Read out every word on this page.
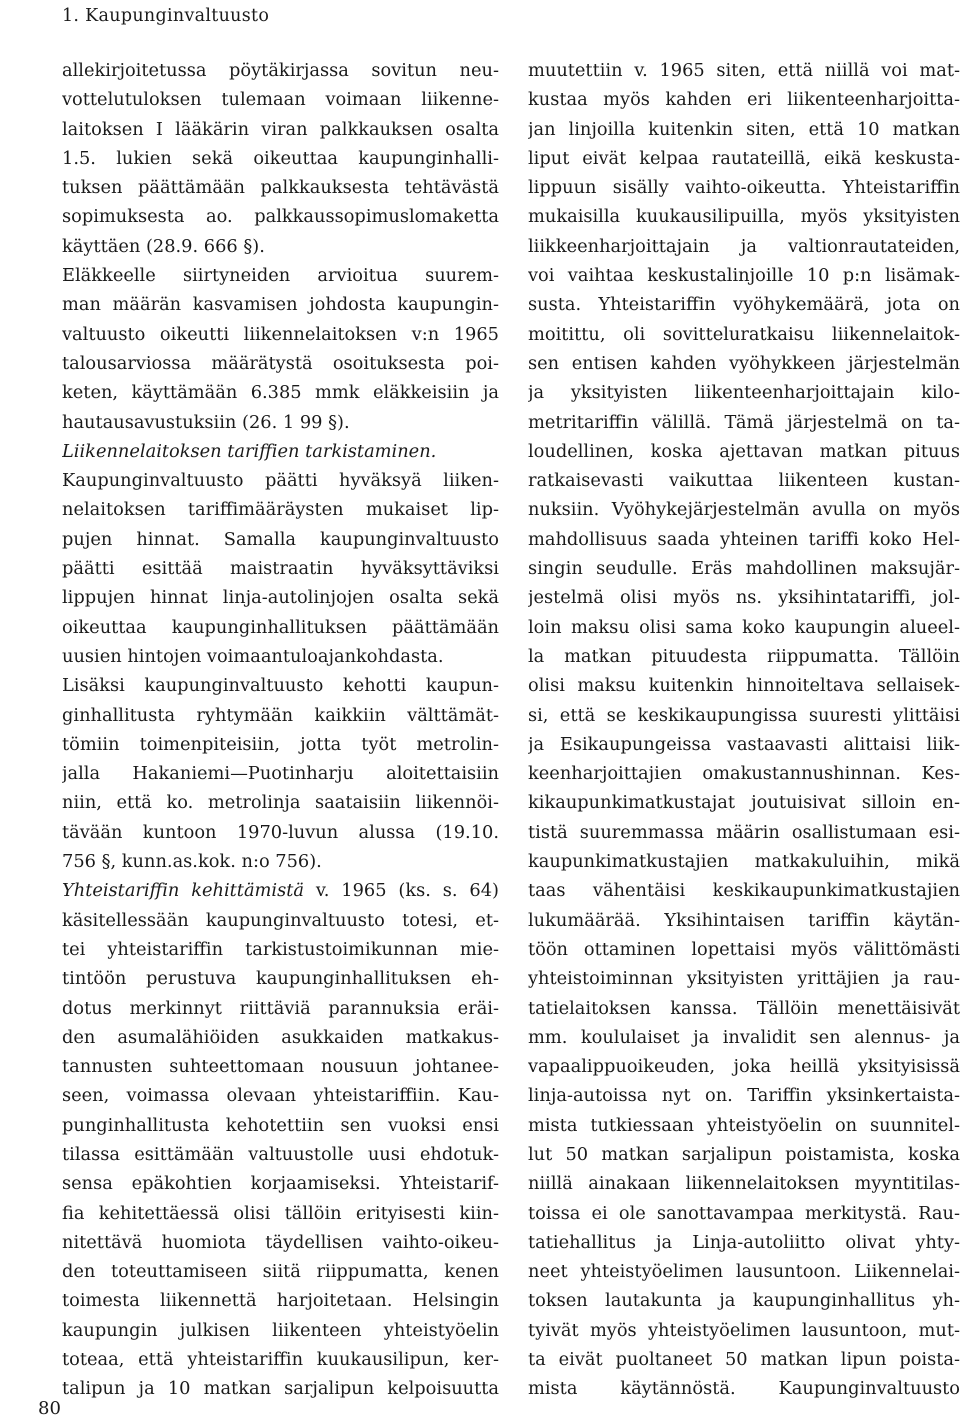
1. Kaupunginvaltuusto
allekirjoitetussa pöytäkirjassa sovitun neu-
vottelutuloksen tulemaan voimaan liikenne-
laitoksen I lääkärin viran palkkauksen osalta
1.5. lukien sekä oikeuttaa kaupunginhalli-
tuksen päättämään palkkauksesta tehtävästä
sopimuksesta ao. palkkaussopimuslomaketta
käyttäen (28.9. 666 §).
Eläkkeelle siirtyneiden arvioitua suurem-
man määrän kasvamisen johdosta kaupungin-
valtuusto oikeutti liikennelaitoksen v:n 1965
talousarviossa määrätystä osoituksesta poi-
keten, käyttämään 6.385 mmk eläkkeisiin ja
hautausavustuksiin (26. 1 99 §).
Liikennelaitoksen tariffien tarkistaminen.
Kaupunginvaltuusto päätti hyväksyä liiken-
nelaitoksen tariffimääräysten mukaiset lip-
pujen hinnat. Samalla kaupunginvaltuusto
päätti esittää maistraatin hyväksyttäviksi
lippujen hinnat linja-autolinjojen osalta sekä
oikeuttaa kaupunginhallituksen päättämään
uusien hintojen voimaantuloajankohdasta.
Lisäksi kaupunginvaltuusto kehotti kaupun-
ginhallitusta ryhtymään kaikkiin välttämät-
tömiin toimenpiteisiin, jotta työt metrolin-
jalla Hakaniemi—Puotinharju aloitettaisiin
niin, että ko. metrolinja saataisiin liikennöi-
tävään kuntoon 1970-luvun alussa (19.10.
756 §, kunn.as.kok. n:o 756).
Yhteistariffin kehittämistä v. 1965 (ks. s. 64)
käsitellessään kaupunginvaltuusto totesi, et-
tei yhteistariffin tarkistustoimikunnan mie-
tintöön perustuva kaupunginhallituksen eh-
dotus merkinnyt riittäviä parannuksia eräi-
den asumalähiöiden asukkaiden matkakus-
tannusten suhteettomaan nousuun johtanee-
seen, voimassa olevaan yhteistariffiin. Kau-
punginhallitusta kehotettiin sen vuoksi ensi
tilassa esittämään valtuustolle uusi ehdotuk-
sensa epäkohtien korjaamiseksi. Yhteistarif-
fia kehitettäessä olisi tällöin erityisesti kiin-
nitettävä huomiota täydellisen vaihto-oikeu-
den toteuttamiseen siitä riippumatta, kenen
toimesta liikennettä harjoitetaan. Helsingin
kaupungin julkisen liikenteen yhteistyöelin
toteaa, että yhteistariffin kuukausilipun, ker-
talipun ja 10 matkan sarjalipun kelpoisuutta
muutettiin v. 1965 siten, että niillä voi mat-
kustaa myös kahden eri liikenteenharjoitta-
jan linjoilla kuitenkin siten, että 10 matkan
liput eivät kelpaa rautateillä, eikä keskusta-
lippuun sisälly vaihto-oikeutta. Yhteistariffin
mukaisilla kuukausilipuilla, myös yksityisten
liikkeenharjoittajain ja valtionrautateiden,
voi vaihtaa keskustalinjoille 10 p:n lisämak-
susta. Yhteistariffin vyöhykemäärä, jota on
moitittu, oli sovitteluratkaisu liikennelaitok-
sen entisen kahden vyöhykkeen järjestelmän
ja yksityisten liikenteenharjoittajain kilo-
metritariffin välillä. Tämä järjestelmä on ta-
loudellinen, koska ajettavan matkan pituus
ratkaisevasti vaikuttaa liikenteen kustan-
nuksiin. Vyöhykejärjestelmän avulla on myös
mahdollisuus saada yhteinen tariffi koko Hel-
singin seudulle. Eräs mahdollinen maksujär-
jestelmä olisi myös ns. yksihintatariffi, jol-
loin maksu olisi sama koko kaupungin alueel-
la matkan pituudesta riippumatta. Tällöin
olisi maksu kuitenkin hinnoiteltava sellaisek-
si, että se keskikaupungissa suuresti ylittäisi
ja Esikaupungeissa vastaavasti alittaisi liik-
keenharjoittajien omakustannushinnan. Kes-
kikaupunkimatkustajat joutuisivat silloin en-
tistä suuremmassa määrin osallistumaan esi-
kaupunkimatkustajien matkakuluihin, mikä
taas vähentäisi keskikaupunkimatkustajien
lukumäärää. Yksihintaisen tariffin käytän-
töön ottaminen lopettaisi myös välittömästi
yhteistoiminnan yksityisten yrittäjien ja rau-
tatielaitoksen kanssa. Tällöin menettäisivät
mm. koululaiset ja invalidit sen alennus- ja
vapaalippuoikeuden, joka heillä yksityisissä
linja-autoissa nyt on. Tariffin yksinkertaista-
mista tutkiessaan yhteistyöelin on suunnitel-
lut 50 matkan sarjalipun poistamista, koska
niillä ainakaan liikennelaitoksen myyntitilas-
toissa ei ole sanottavampaa merkitystä. Rau-
tatiehallitus ja Linja-autoliitto olivat yhty-
neet yhteistyöelimen lausuntoon. Liikennelai-
toksen lautakunta ja kaupunginhallitus yh-
tyivät myös yhteistyöelimen lausuntoon, mut-
ta eivät puoltaneet 50 matkan lipun poista-
mista käytännöstä. Kaupunginvaltuusto
80
